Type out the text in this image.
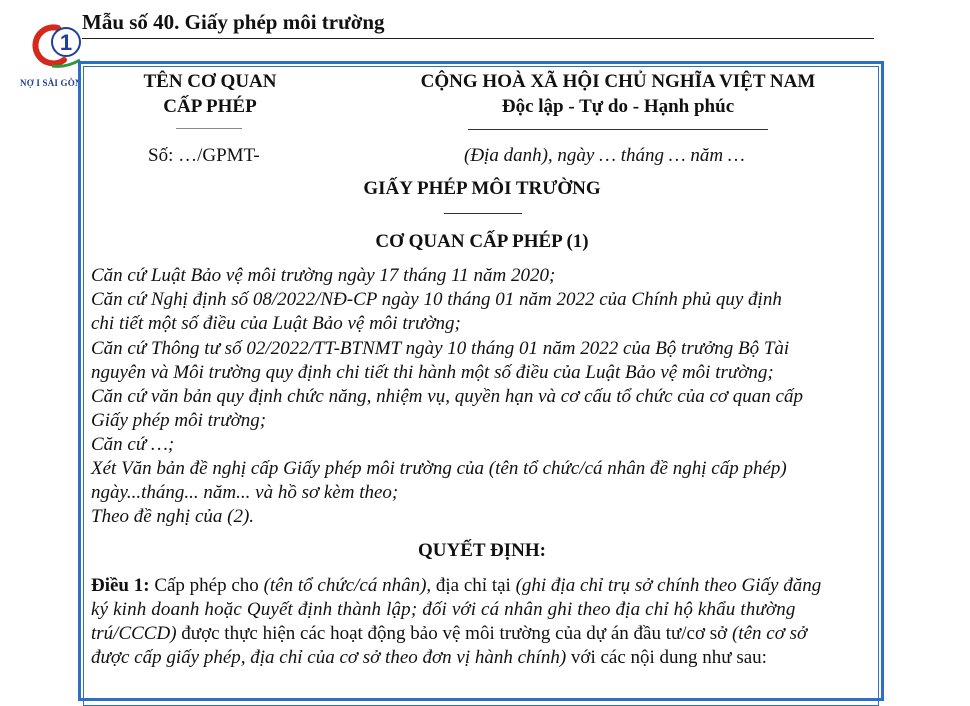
Mẫu số 40. Giấy phép môi trường
1
NỢ I SÀI GÒN	TÊN CƠ QUAN
CẤP PHÉP
Số: …/GPMT-
CỘNG HOÀ XÃ HỘI CHỦ NGHĨA VIỆT NAM
Độc lập - Tự do - Hạnh phúc
(Địa danh), ngày … tháng … năm …
GIẤY PHÉP MÔI TRƯỜNG
CƠ QUAN CẤP PHÉP (1)
Căn cứ Luật Bảo vệ môi trường ngày 17 tháng 11 năm 2020;
Căn cứ Nghị định số 08/2022/NĐ-CP ngày 10 tháng 01 năm 2022 của Chính phủ quy định
chi tiết một số điều của Luật Bảo vệ môi trường;
Căn cứ Thông tư số 02/2022/TT-BTNMT ngày 10 tháng 01 năm 2022 của Bộ trưởng Bộ Tài
nguyên và Môi trường quy định chi tiết thi hành một số điều của Luật Bảo vệ môi trường;
Căn cứ văn bản quy định chức năng, nhiệm vụ, quyền hạn và cơ cấu tổ chức của cơ quan cấp
Giấy phép môi trường;
Căn cứ …;
Xét Văn bản đề nghị cấp Giấy phép môi trường của (tên tổ chức/cá nhân đề nghị cấp phép)
ngày...tháng... năm... và hồ sơ kèm theo;
Theo đề nghị của (2).
QUYẾT ĐỊNH:
Điều 1: Cấp phép cho (tên tổ chức/cá nhân), địa chỉ tại (ghi địa chỉ trụ sở chính theo Giấy đăng
ký kinh doanh hoặc Quyết định thành lập; đối với cá nhân ghi theo địa chỉ hộ khẩu thường
trú/CCCD) được thực hiện các hoạt động bảo vệ môi trường của dự án đầu tư/cơ sở (tên cơ sở
được cấp giấy phép, địa chỉ của cơ sở theo đơn vị hành chính) với các nội dung như sau:
